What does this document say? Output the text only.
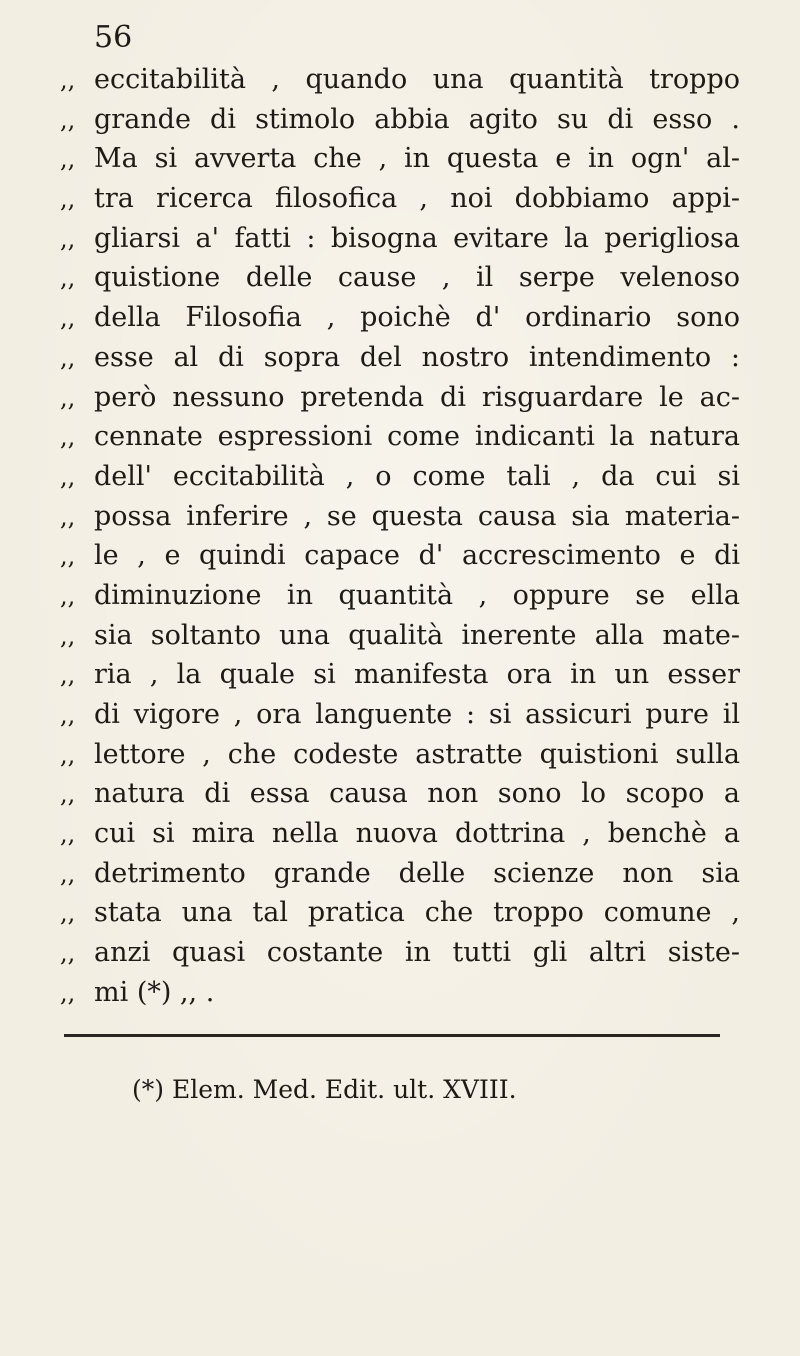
56
,, eccitabilità , quando una quantità troppo
,, grande di stimolo abbia agito su di esso .
,, Ma si avverta che , in questa e in ogn' al-
,, tra ricerca filosofica , noi dobbiamo appi-
,, gliarsi a' fatti : bisogna evitare la perigliosa
,, quistione delle cause , il serpe velenoso
,, della Filosofia , poichè d' ordinario sono
,, esse al di sopra del nostro intendimento :
,, però nessuno pretenda di risguardare le ac-
,, cennate espressioni come indicanti la natura
,, dell' eccitabilità , o come tali , da cui si
,, possa inferire , se questa causa sia materia-
,, le , e quindi capace d' accrescimento e di
,, diminuzione in quantità , oppure se ella
,, sia soltanto una qualità inerente alla mate-
,, ria , la quale si manifesta ora in un esser
,, di vigore , ora languente : si assicuri pure il
,, lettore , che codeste astratte quistioni sulla
,, natura di essa causa non sono lo scopo a
,, cui si mira nella nuova dottrina , benchè a
,, detrimento grande delle scienze non sia
,, stata una tal pratica che troppo comune ,
,, anzi quasi costante in tutti gli altri siste-
,, mi (*) ,, .
(*) Elem. Med. Edit. ult. XVIII.
